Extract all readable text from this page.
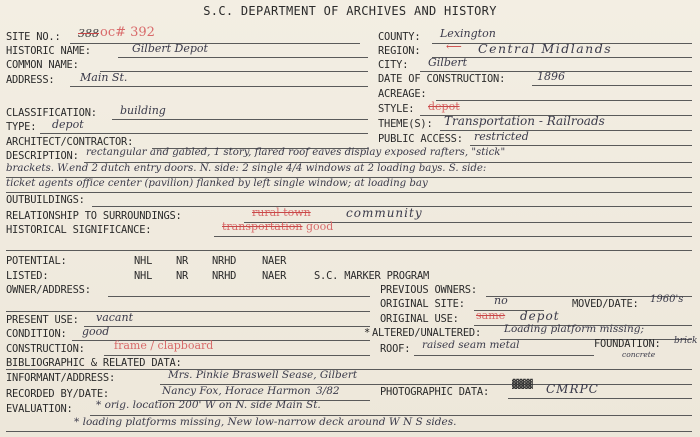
S.C. DEPARTMENT OF ARCHIVES AND HISTORY
SITE NO.: 388 oc# 392
HISTORIC NAME:	Gilbert Depot
COMMON NAME:
ADDRESS: Main St.
COUNTY: Lexington
REGION: ⟵ Central Midlands
CITY: Gilbert
DATE OF CONSTRUCTION:	1896
ACREAGE:
CLASSIFICATION: building	STYLE: depot
TYPE: depot	THEME(S): Transportation - Railroads
ARCHITECT/CONTRACTOR:	PUBLIC ACCESS: restricted
DESCRIPTION: rectangular and gabled, 1 story, flared roof eaves display exposed rafters, "stick"
brackets. W.end 2 dutch entry doors. N. side: 2 single 4/4 windows at 2 loading bays. S. side:
ticket agents office center (pavilion) flanked by left single window; at loading bay
OUTBUILDINGS:
RELATIONSHIP TO SURROUNDINGS:	rural town	community
HISTORICAL SIGNIFICANCE:	transportation good
POTENTIAL:	NHL NR NRHD NAER
LISTED:	NHL NR NRHD NAER	S.C. MARKER PROGRAM
OWNER/ADDRESS:	PREVIOUS OWNERS:
ORIGINAL SITE:	no	MOVED/DATE: 1960's
ORIGINAL USE: same depot
PRESENT USE: vacant
CONDITION: good	* ALTERED/UNALTERED: Loading platform missing;
CONSTRUCTION:	frame / clapboard	FOUNDATION: brick
concrete
ROOF: raised seam metal
BIBLIOGRAPHIC & RELATED DATA:
INFORMANT/ADDRESS:	Mrs. Pinkie Braswell Sease, Gilbert
RECORDED BY/DATE:	Nancy Fox, Horace Harmon 3/82	PHOTOGRAPHIC DATA:
▓▓▓ CMRPC
EVALUATION: * orig. location 200' W on N. side Main St.
* loading platforms missing, New low-narrow deck around W N S sides.
